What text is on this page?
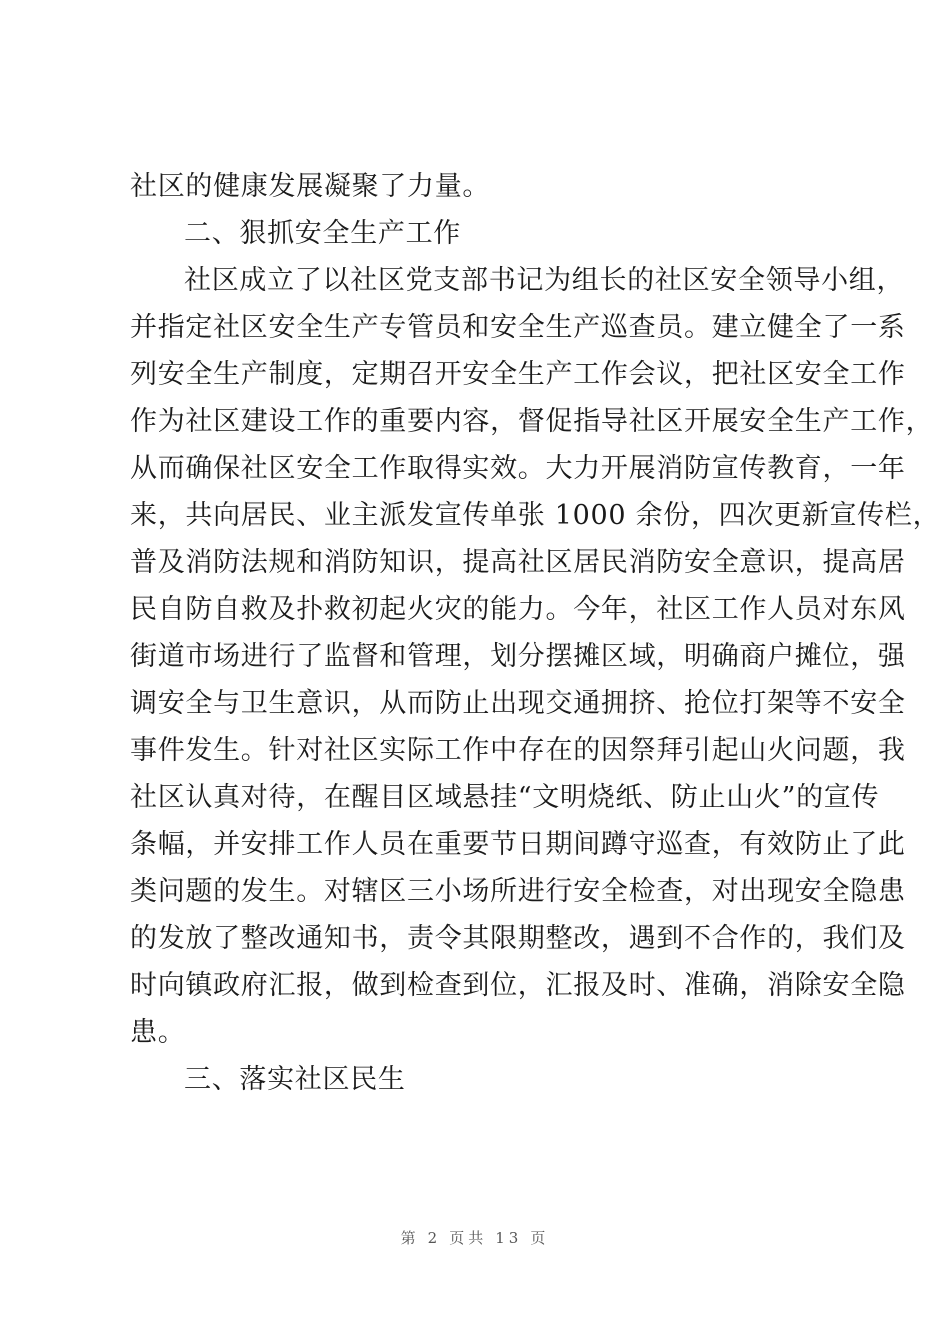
社区的健康发展凝聚了力量。
二、狠抓安全生产工作
社区成立了以社区党支部书记为组长的社区安全领导小组，
并指定社区安全生产专管员和安全生产巡查员。建立健全了一系
列安全生产制度，定期召开安全生产工作会议，把社区安全工作
作为社区建设工作的重要内容，督促指导社区开展安全生产工作，
从而确保社区安全工作取得实效。大力开展消防宣传教育，一年
来，共向居民、业主派发宣传单张 1000 余份，四次更新宣传栏，
普及消防法规和消防知识，提高社区居民消防安全意识，提高居
民自防自救及扑救初起火灾的能力。今年，社区工作人员对东风
街道市场进行了监督和管理，划分摆摊区域，明确商户摊位，强
调安全与卫生意识，从而防止出现交通拥挤、抢位打架等不安全
事件发生。针对社区实际工作中存在的因祭拜引起山火问题，我
社区认真对待，在醒目区域悬挂“文明烧纸、防止山火”的宣传
条幅，并安排工作人员在重要节日期间蹲守巡查，有效防止了此
类问题的发生。对辖区三小场所进行安全检查，对出现安全隐患
的发放了整改通知书，责令其限期整改，遇到不合作的，我们及
时向镇政府汇报，做到检查到位，汇报及时、准确，消除安全隐
患。
三、落实社区民生
第 2 页共 13 页
